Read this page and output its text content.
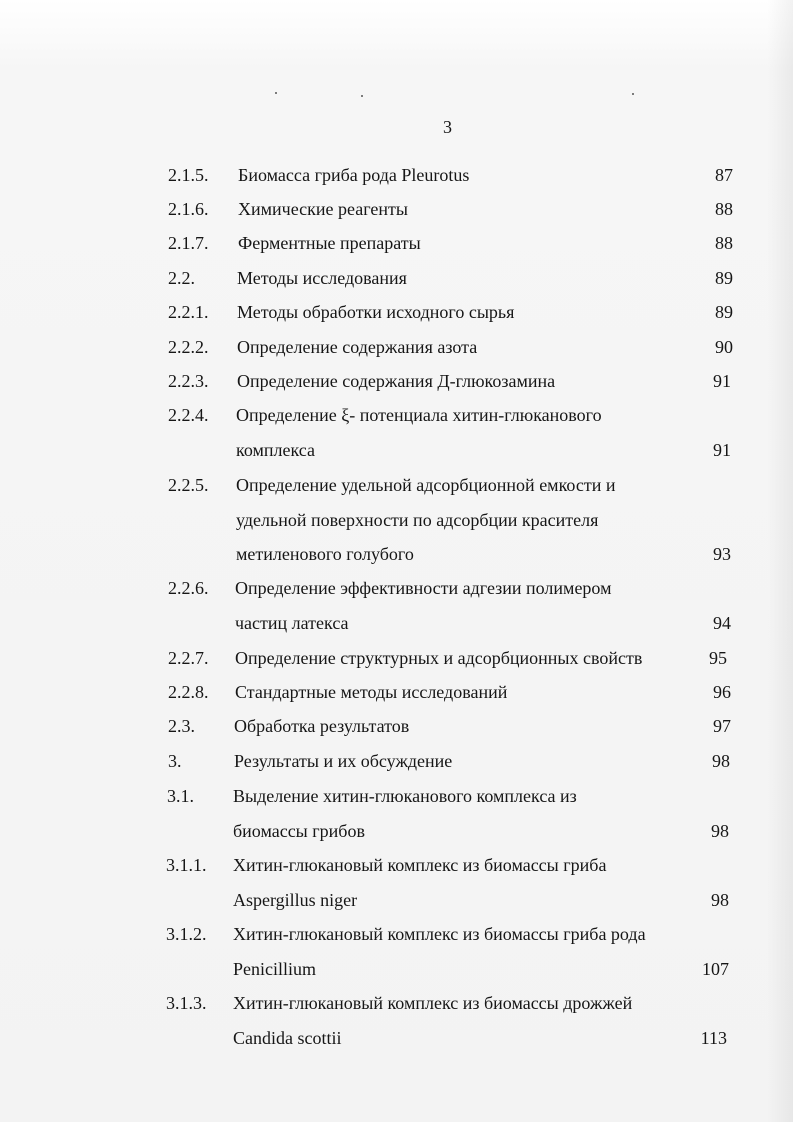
3
2.1.5. Биомасса гриба рода Pleurotus	87
2.1.6. Химические реагенты	88
2.1.7. Ферментные препараты	88
2.2. Методы исследования	89
2.2.1. Методы обработки исходного сырья	89
2.2.2. Определение содержания азота	90
2.2.3. Определение содержания Д-глюкозамина	91
2.2.4. Определение ξ- потенциала хитин-глюканового
комплекса	91
2.2.5. Определение удельной адсорбционной емкости и
удельной поверхности по адсорбции красителя
метиленового голубого	93
2.2.6. Определение эффективности адгезии полимером
частиц латекса	94
2.2.7. Определение структурных и адсорбционных свойств	95
2.2.8. Стандартные методы исследований	96
2.3. Обработка результатов	97
3.	Результаты и их обсуждение	98
3.1. Выделение хитин-глюканового комплекса из
биомассы грибов	98
3.1.1. Хитин-глюкановый комплекс из биомассы гриба
Aspergillus niger	98
3.1.2. Хитин-глюкановый комплекс из биомассы гриба рода
Penicillium	107
3.1.3. Хитин-глюкановый комплекс из биомассы дрожжей
Candida scottii	113
